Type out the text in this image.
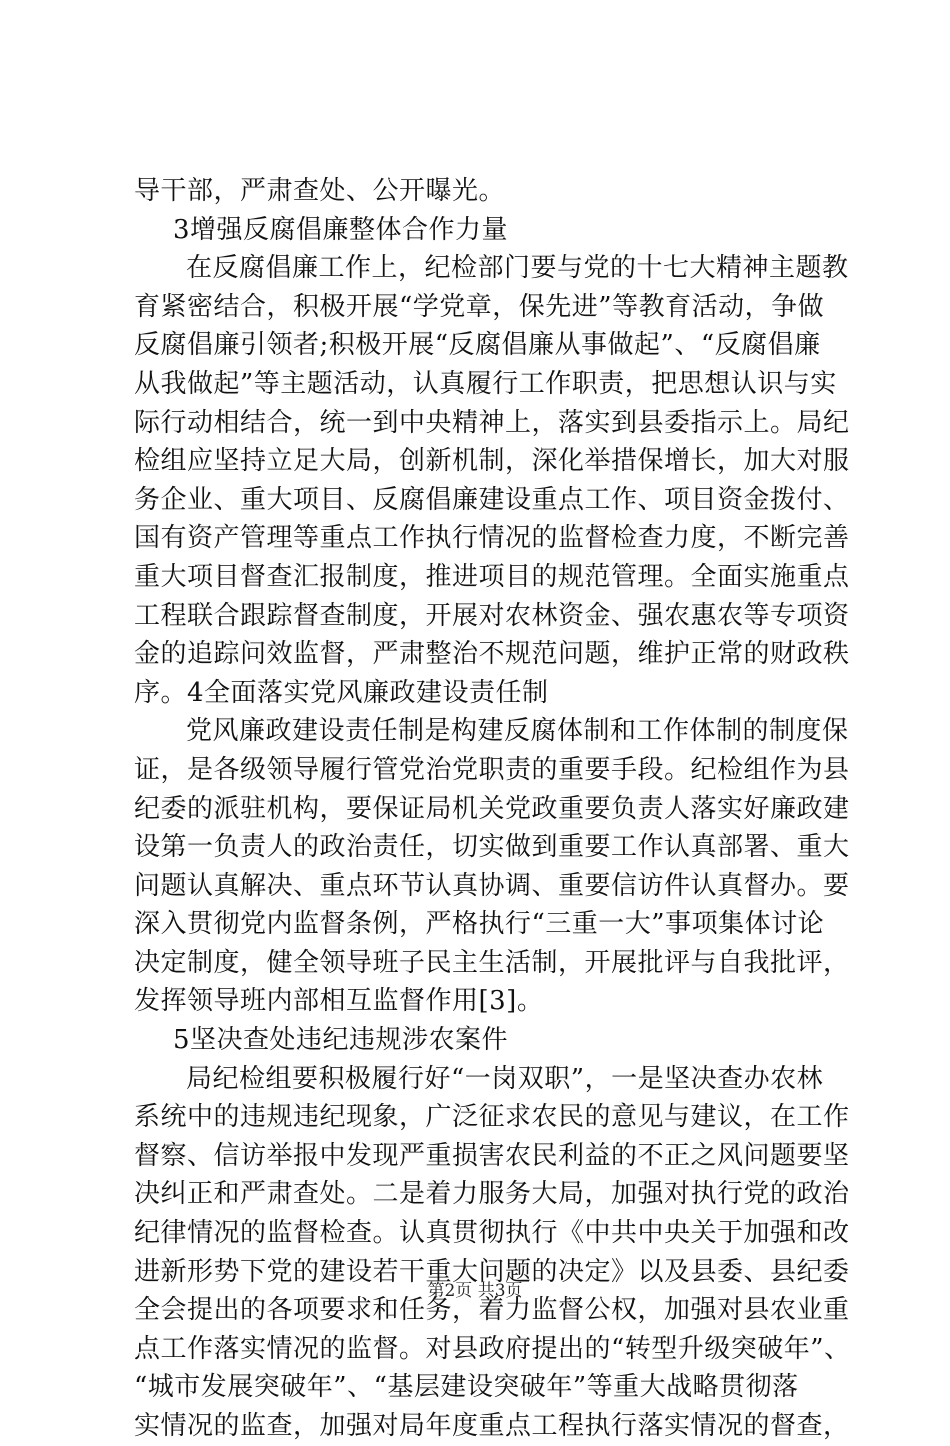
导干部，严肃查处、公开曝光。
3增强反腐倡廉整体合作力量
在反腐倡廉工作上，纪检部门要与党的十七大精神主题教
育紧密结合，积极开展“学党章，保先进”等教育活动，争做
反腐倡廉引领者;积极开展“反腐倡廉从事做起”、“反腐倡廉
从我做起”等主题活动，认真履行工作职责，把思想认识与实
际行动相结合，统一到中央精神上，落实到县委指示上。局纪
检组应坚持立足大局，创新机制，深化举措保增长，加大对服
务企业、重大项目、反腐倡廉建设重点工作、项目资金拨付、
国有资产管理等重点工作执行情况的监督检查力度，不断完善
重大项目督查汇报制度，推进项目的规范管理。全面实施重点
工程联合跟踪督查制度，开展对农林资金、强农惠农等专项资
金的追踪问效监督，严肃整治不规范问题，维护正常的财政秩
序。4全面落实党风廉政建设责任制
党风廉政建设责任制是构建反腐体制和工作体制的制度保
证，是各级领导履行管党治党职责的重要手段。纪检组作为县
纪委的派驻机构，要保证局机关党政重要负责人落实好廉政建
设第一负责人的政治责任，切实做到重要工作认真部署、重大
问题认真解决、重点环节认真协调、重要信访件认真督办。要
深入贯彻党内监督条例，严格执行“三重一大”事项集体讨论
决定制度，健全领导班子民主生活制，开展批评与自我批评，
发挥领导班内部相互监督作用[3]。
5坚决查处违纪违规涉农案件
局纪检组要积极履行好“一岗双职”，一是坚决查办农林
系统中的违规违纪现象，广泛征求农民的意见与建议，在工作
督察、信访举报中发现严重损害农民利益的不正之风问题要坚
决纠正和严肃查处。二是着力服务大局，加强对执行党的政治
纪律情况的监督检查。认真贯彻执行《中共中央关于加强和改
进新形势下党的建设若干重大问题的决定》以及县委、县纪委
全会提出的各项要求和任务，着力监督公权，加强对县农业重
点工作落实情况的监督。对县政府提出的“转型升级突破年”、
“城市发展突破年”、“基层建设突破年”等重大战略贯彻落
实情况的监查，加强对局年度重点工程执行落实情况的督查，
第2页 共3页
